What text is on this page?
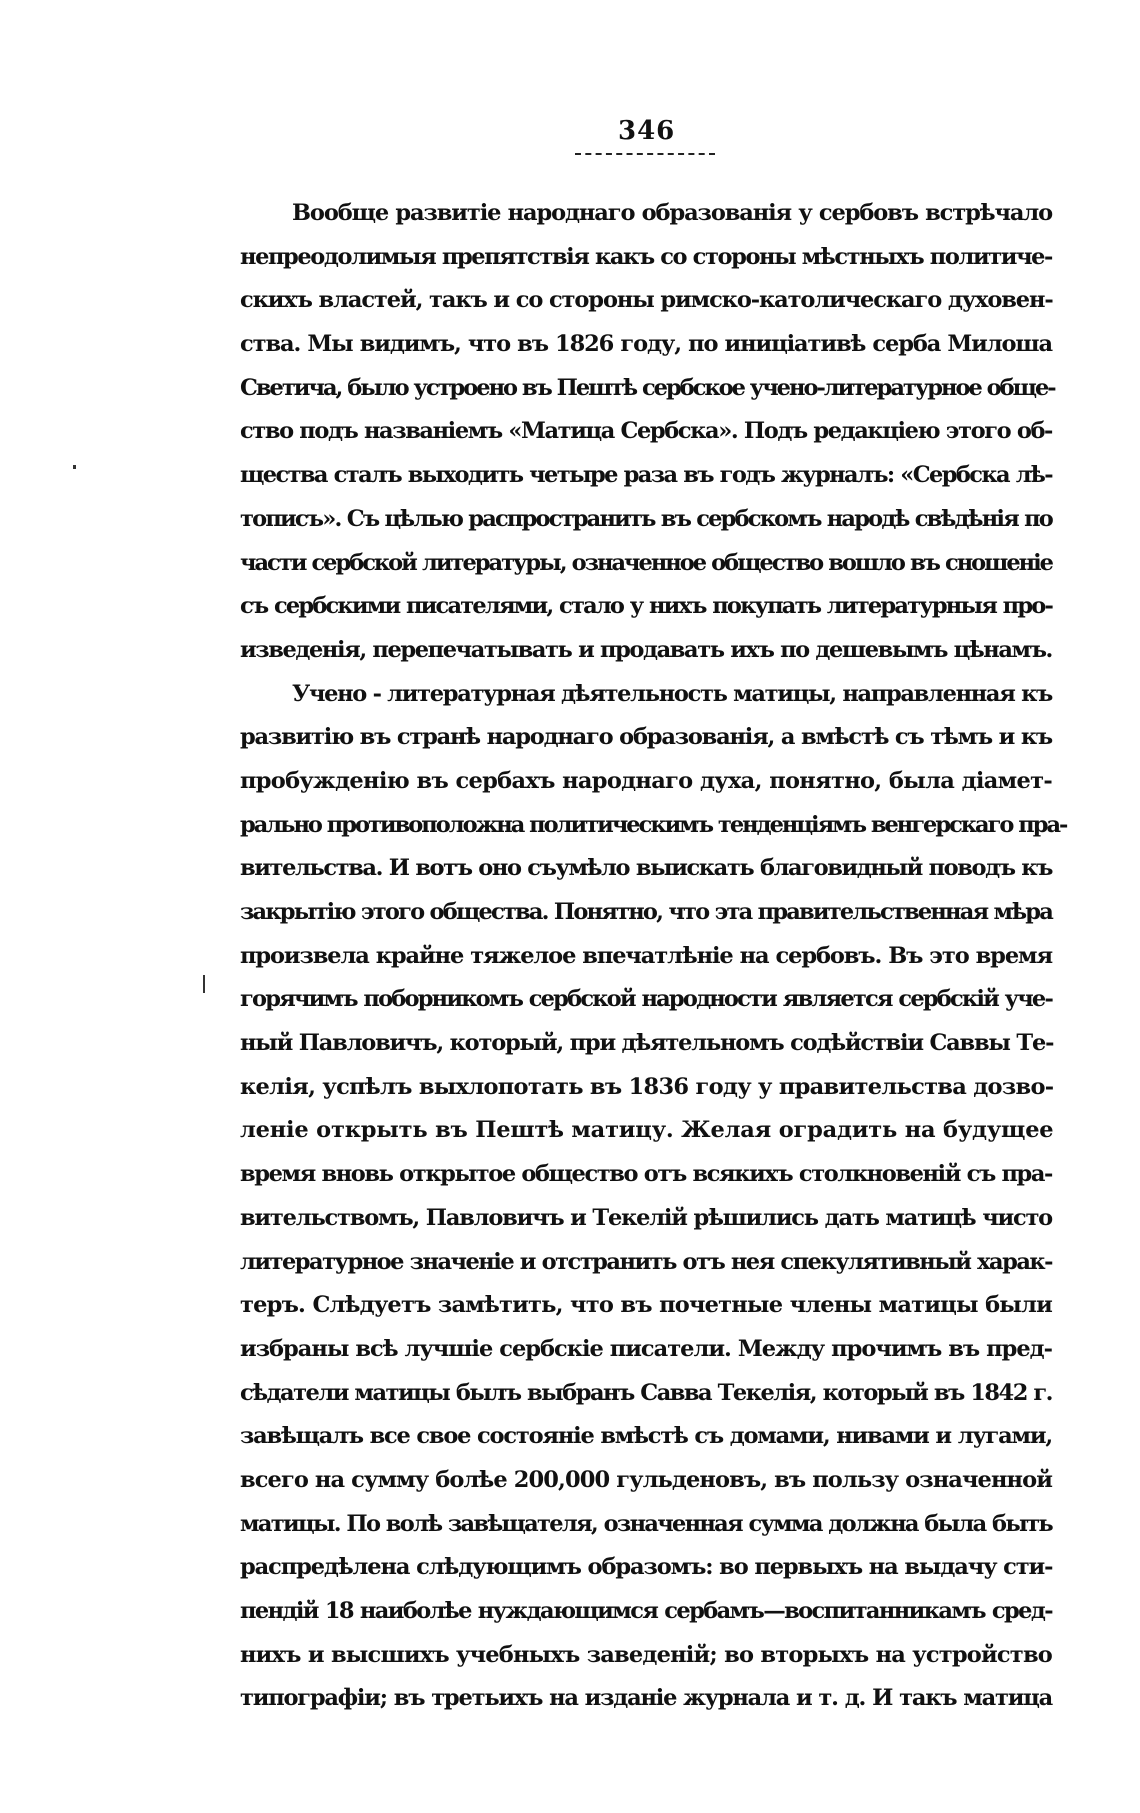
346
Вообще развитіе народнаго образованія у сербовъ встрѣчало
непреодолимыя препятствія какъ со стороны мѣстныхъ политиче-
скихъ властей, такъ и со стороны римско-католическаго духовен-
ства. Мы видимъ, что въ 1826 году, по иниціативѣ серба Милоша
Светича, было устроено въ Пештѣ сербское учено-литературное обще-
ство подъ названіемъ «Матица Сербска». Подъ редакціею этого об-
щества сталъ выходить четыре раза въ годъ журналъ: «Сербска лѣ-
тописъ». Съ цѣлью распространить въ сербскомъ народѣ свѣдѣнія по
части сербской литературы, означенное общество вошло въ сношеніе
съ сербскими писателями, стало у нихъ покупать литературныя про-
изведенія, перепечатывать и продавать ихъ по дешевымъ цѣнамъ.
Учено - литературная дѣятельность матицы, направленная къ
развитію въ странѣ народнаго образованія, а вмѣстѣ съ тѣмъ и къ
пробужденію въ сербахъ народнаго духа, понятно, была діамет-
рально противоположна политическимъ тенденціямъ венгерскаго пра-
вительства. И вотъ оно съумѣло выискать благовидный поводъ къ
закрытію этого общества. Понятно, что эта правительственная мѣра
произвела крайне тяжелое впечатлѣніе на сербовъ. Въ это время
горячимъ поборникомъ сербской народности является сербскій уче-
ный Павловичъ, который, при дѣятельномъ содѣйствіи Саввы Те-
келія, успѣлъ выхлопотать въ 1836 году у правительства дозво-
леніе открыть въ Пештѣ матицу. Желая оградить на будущее
время вновь открытое общество отъ всякихъ столкновеній съ пра-
вительствомъ, Павловичъ и Текелій рѣшились дать матицѣ чисто
литературное значеніе и отстранить отъ нея спекулятивный харак-
теръ. Слѣдуетъ замѣтить, что въ почетные члены матицы были
избраны всѣ лучшіе сербскіе писатели. Между прочимъ въ пред-
сѣдатели матицы былъ выбранъ Савва Текелія, который въ 1842 г.
завѣщалъ все свое состояніе вмѣстѣ съ домами, нивами и лугами,
всего на сумму болѣе 200,000 гульденовъ, въ пользу означенной
матицы. По волѣ завѣщателя, означенная сумма должна была быть
распредѣлена слѣдующимъ образомъ: во первыхъ на выдачу сти-
пендій 18 наиболѣе нуждающимся сербамъ—воспитанникамъ сред-
нихъ и высшихъ учебныхъ заведеній; во вторыхъ на устройство
типографіи; въ третьихъ на изданіе журнала и т. д. И такъ матица
